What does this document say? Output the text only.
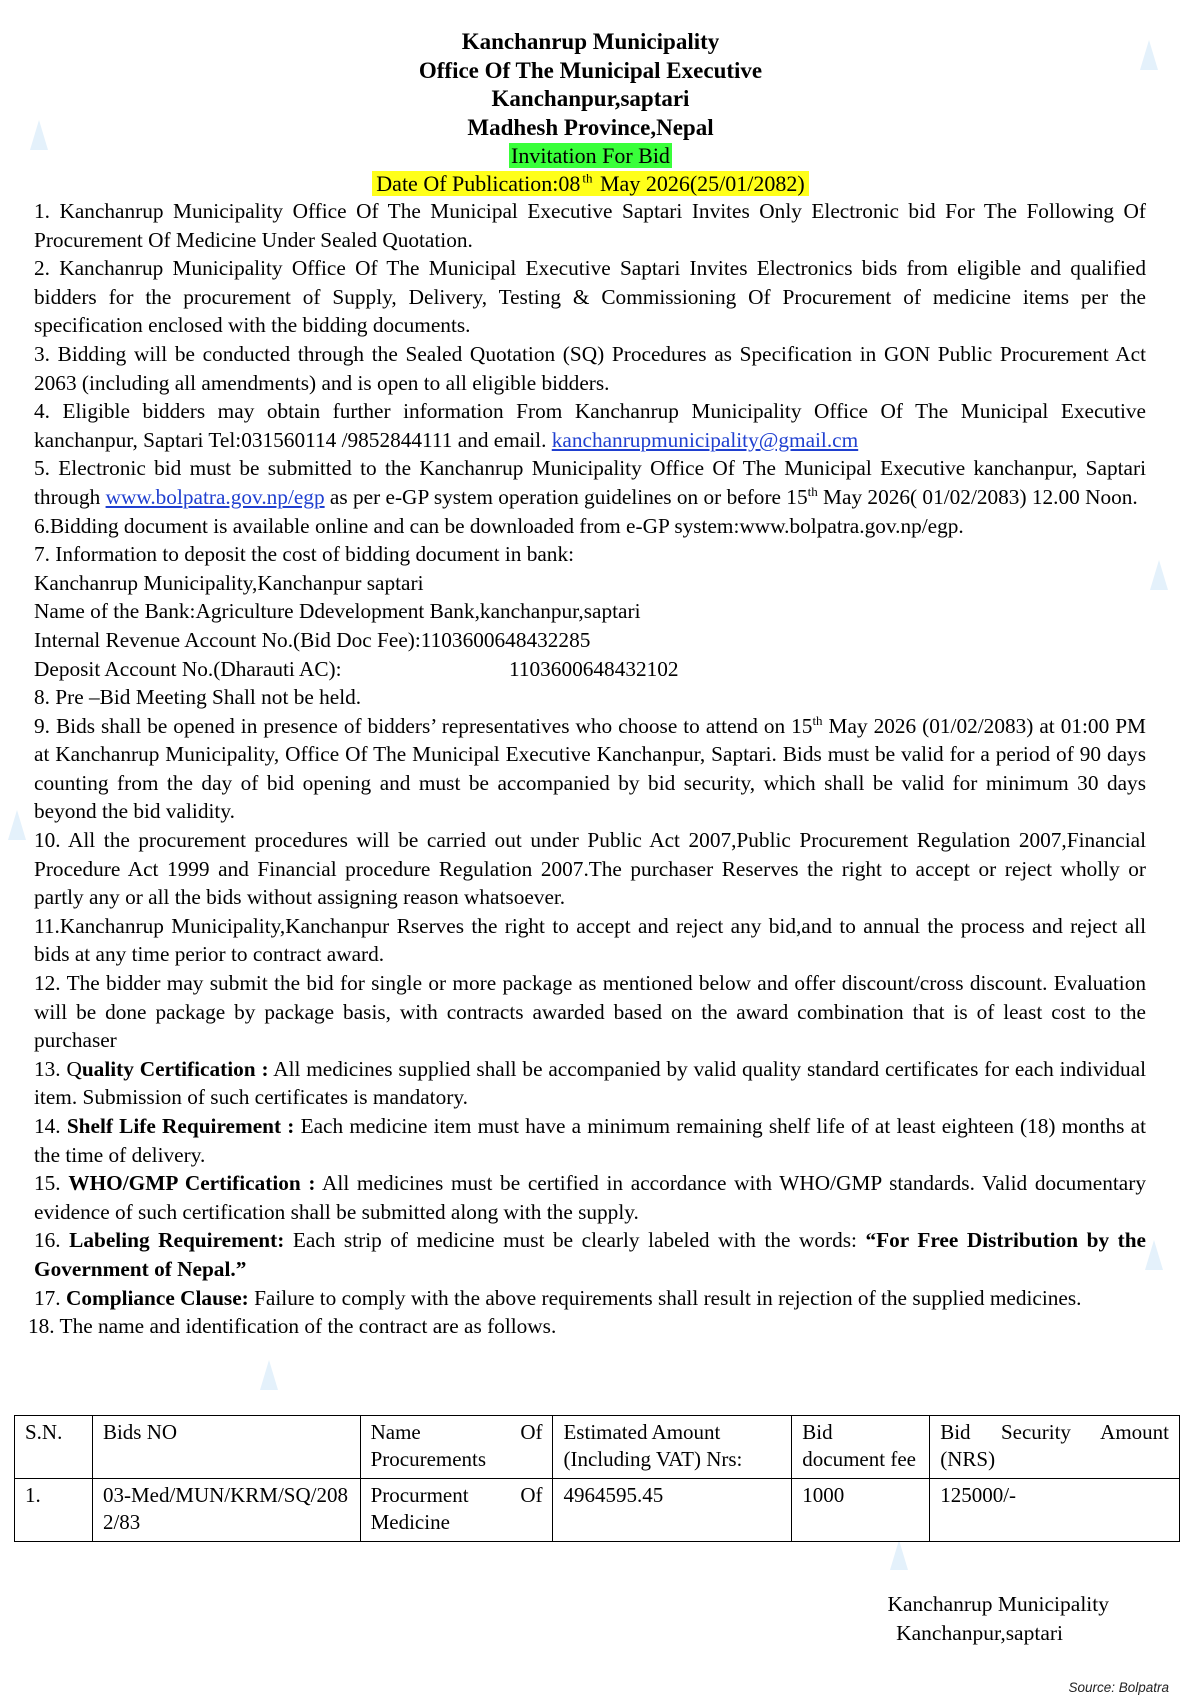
Kanchanrup Municipality
Office Of The Municipal Executive
Kanchanpur,saptari
Madhesh Province,Nepal
Invitation For Bid
Date Of Publication:08 $^{th}$ May 2026(25/01/2082)

1. Kanchanrup Municipality Office Of The Municipal Executive Saptari Invites Only Electronic bid For The Following Of Procurement Of Medicine Under Sealed Quotation.

2. Kanchanrup Municipality Office Of The Municipal Executive Saptari Invites Electronics bids from eligible and qualified bidders for the procurement of Supply, Delivery, Testing & Commissioning Of Procurement of medicine items per the specification enclosed with the bidding documents.

3. Bidding will be conducted through the Sealed Quotation (SQ) Procedures as Specification in GON Public Procurement Act 2063 (including all amendments) and is open to all eligible bidders.

4. Eligible bidders may obtain further information From Kanchanrup Municipality Office Of The Municipal Executive kanchanpur, Saptari Tel:031560114 /9852844111 and email. kanchanrupmunicipality@gmail.cm

5. Electronic bid must be submitted to the Kanchanrup Municipality Office Of The Municipal Executive kanchanpur, Saptari through www.bolpatra.gov.np/egp as per e-GP system operation guidelines on or before 15th May 2026( 01/02/2083) 12.00 Noon.

6.Bidding document is available online and can be downloaded from e-GP system:www.bolpatra.gov.np/egp.

7. Information to deposit the cost of bidding document in bank:

Kanchanrup Municipality,Kanchanpur saptari

Name of the Bank:Agriculture Ddevelopment Bank,kanchanpur,saptari

Internal Revenue Account No.(Bid Doc Fee):1103600648432285

Deposit Account No.(Dharauti AC):	1103600648432102

8. Pre –Bid Meeting Shall not be held.

9. Bids shall be opened in presence of bidders’ representatives who choose to attend on 15th May 2026 (01/02/2083) at 01:00 PM at Kanchanrup Municipality, Office Of The Municipal Executive Kanchanpur, Saptari. Bids must be valid for a period of 90 days counting from the day of bid opening and must be accompanied by bid security, which shall be valid for minimum 30 days beyond the bid validity.

10. All the procurement procedures will be carried out under Public Act 2007,Public Procurement Regulation 2007,Financial Procedure Act 1999 and Financial procedure Regulation 2007.The purchaser Reserves the right to accept or reject wholly or partly any or all the bids without assigning reason whatsoever.

11.Kanchanrup Municipality,Kanchanpur Rserves the right to accept and reject any bid,and to annual the process and reject all bids at any time perior to contract award.

12. The bidder may submit the bid for single or more package as mentioned below and offer discount/cross discount. Evaluation will be done package by package basis, with contracts awarded based on the award combination that is of least cost to the purchaser

13. Quality Certification : All medicines supplied shall be accompanied by valid quality standard certificates for each individual item. Submission of such certificates is mandatory.

14. Shelf Life Requirement : Each medicine item must have a minimum remaining shelf life of at least eighteen (18) months at the time of delivery.

15. WHO/GMP Certification : All medicines must be certified in accordance with WHO/GMP standards. Valid documentary evidence of such certification shall be submitted along with the supply.

16. Labeling Requirement: Each strip of medicine must be clearly labeled with the words: “For Free Distribution by the Government of Nepal.”

17. Compliance Clause: Failure to comply with the above requirements shall result in rejection of the supplied medicines.

18. The name and identification of the contract are as follows.

S.N.	Bids NO	Name Of Procurements	Estimated Amount (Including VAT) Nrs:	Bid document fee	Bid Security Amount (NRS)
1.	03-Med/MUN/KRM/SQ/2082/83	Procurment Of Medicine	4964595.45	1000	125000/-
Kanchanrup Municipality
Kanchanpur,saptari
Source: Bolpatra
